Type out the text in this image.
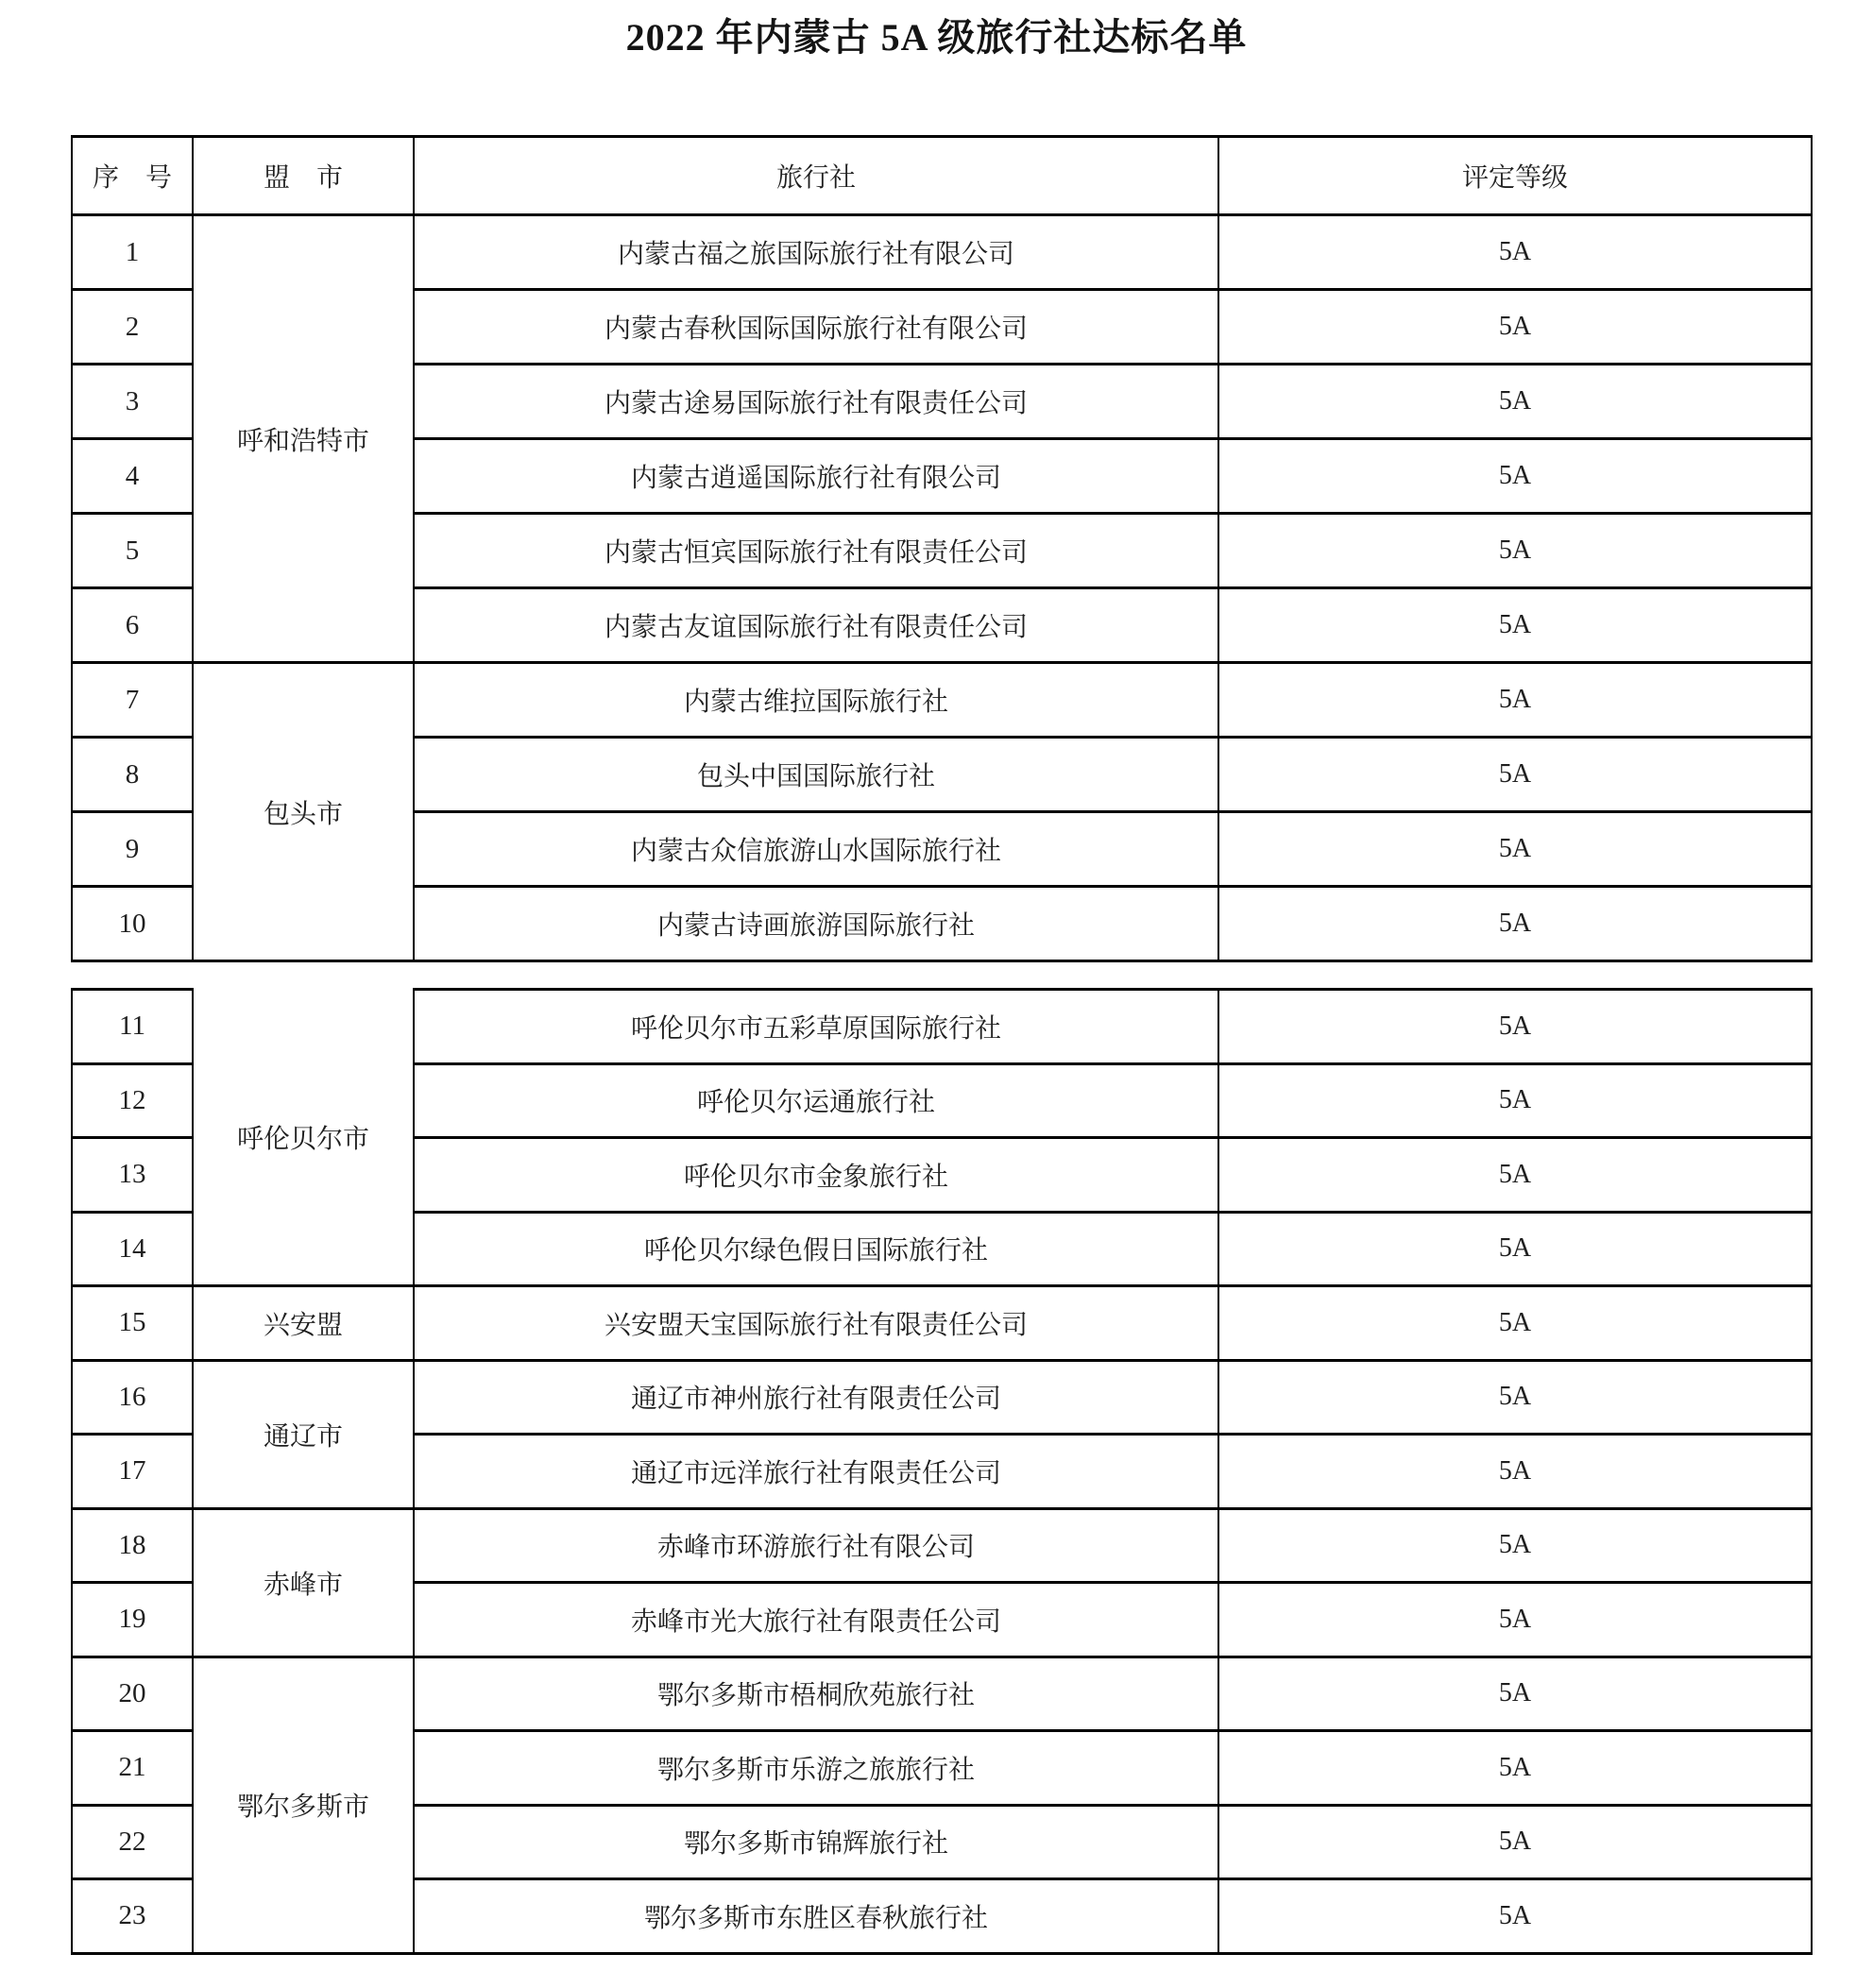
2022 年内蒙古 5A 级旅行社达标名单
序　号	盟　市	旅行社	评定等级
1	呼和浩特市	内蒙古福之旅国际旅行社有限公司	5A
2		内蒙古春秋国际国际旅行社有限公司	5A
3		内蒙古途易国际旅行社有限责任公司	5A
4		内蒙古逍遥国际旅行社有限公司	5A
5		内蒙古恒宾国际旅行社有限责任公司	5A
6		内蒙古友谊国际旅行社有限责任公司	5A
7	包头市	内蒙古维拉国际旅行社	5A
8		包头中国国际旅行社	5A
9		内蒙古众信旅游山水国际旅行社	5A
10		内蒙古诗画旅游国际旅行社	5A
11	呼伦贝尔市	呼伦贝尔市五彩草原国际旅行社	5A
12		呼伦贝尔运通旅行社	5A
13		呼伦贝尔市金象旅行社	5A
14		呼伦贝尔绿色假日国际旅行社	5A
15	兴安盟	兴安盟天宝国际旅行社有限责任公司	5A
16	通辽市	通辽市神州旅行社有限责任公司	5A
17		通辽市远洋旅行社有限责任公司	5A
18	赤峰市	赤峰市环游旅行社有限公司	5A
19		赤峰市光大旅行社有限责任公司	5A
20	鄂尔多斯市	鄂尔多斯市梧桐欣苑旅行社	5A
21		鄂尔多斯市乐游之旅旅行社	5A
22		鄂尔多斯市锦辉旅行社	5A
23		鄂尔多斯市东胜区春秋旅行社	5A
